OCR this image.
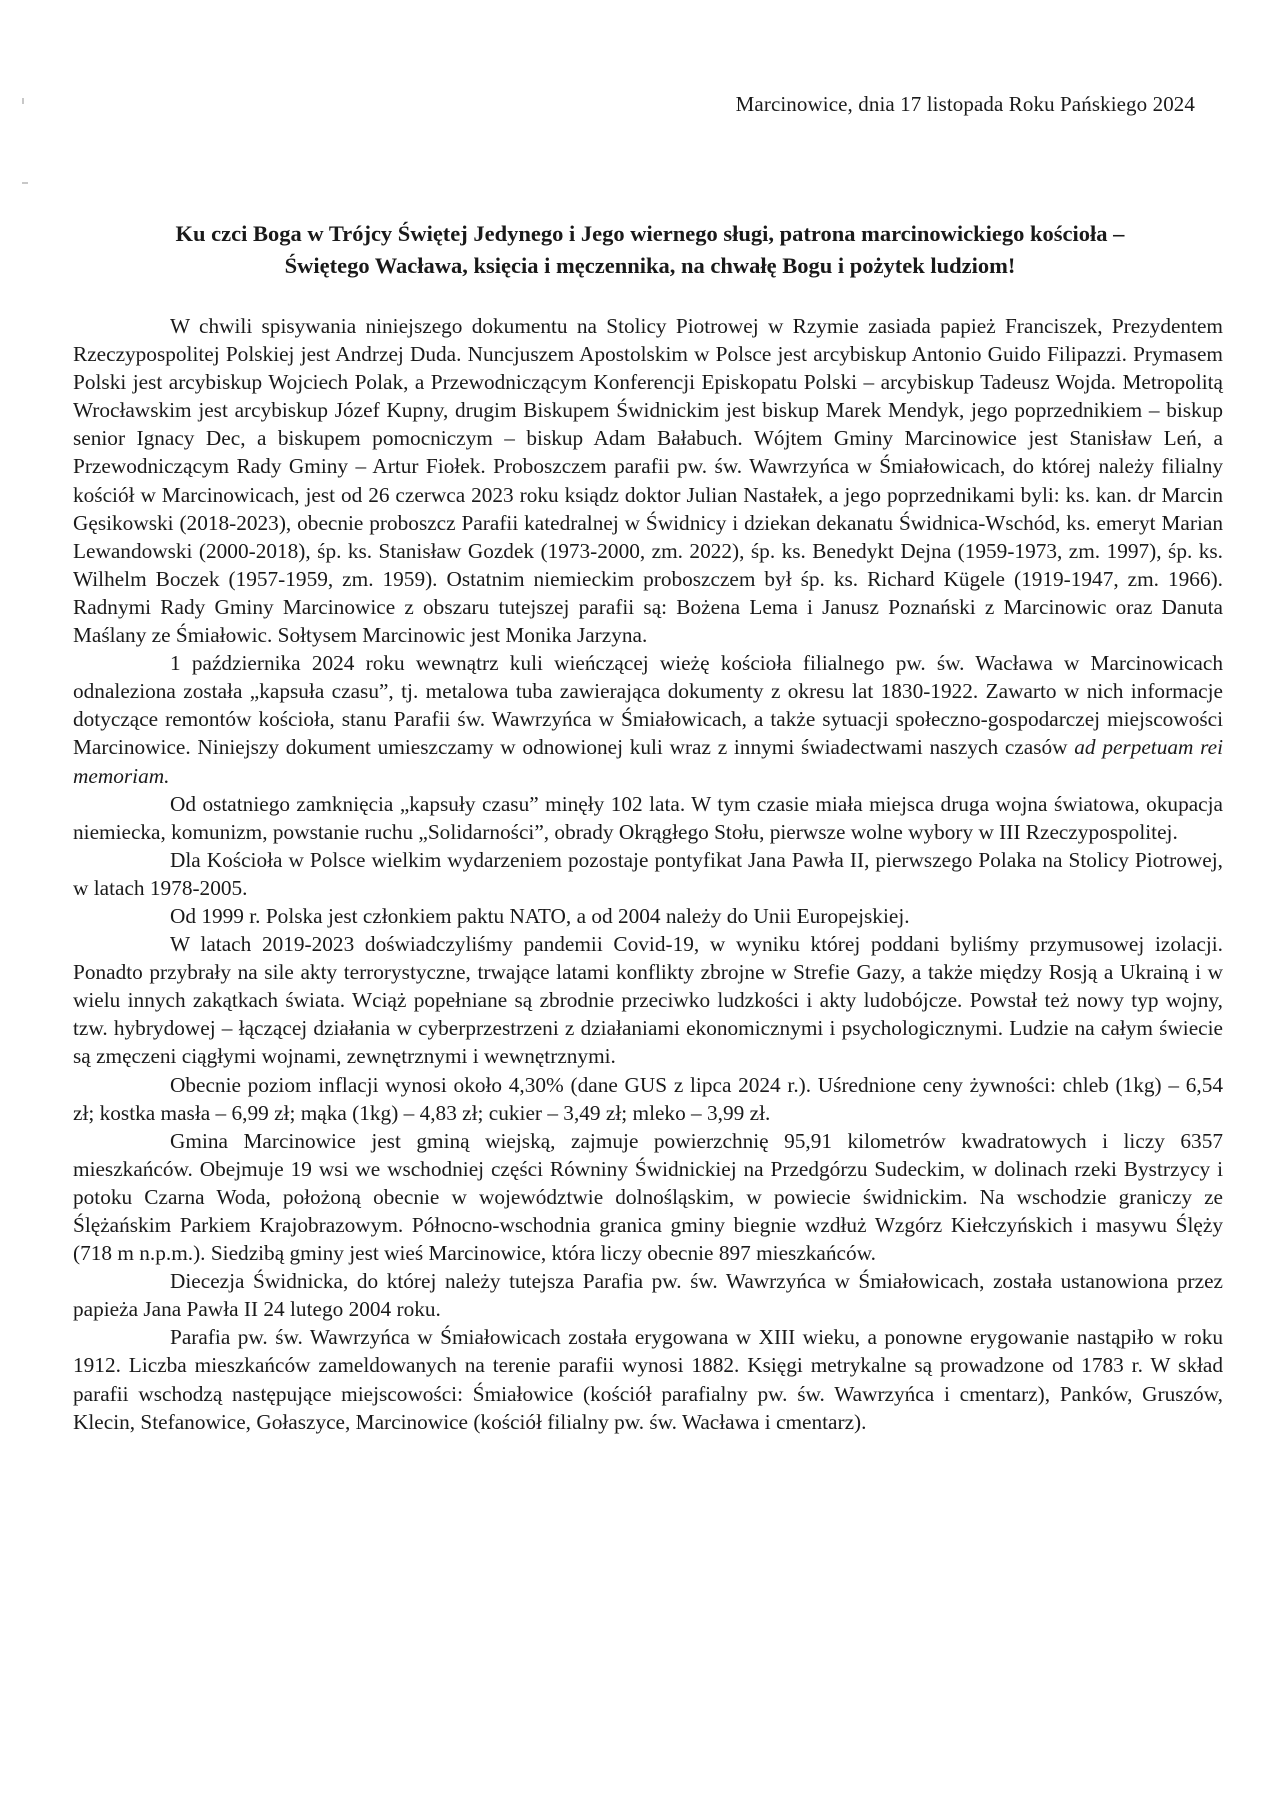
Marcinowice, dnia 17 listopada Roku Pańskiego 2024
Ku czci Boga w Trójcy Świętej Jedynego i Jego wiernego sługi, patrona marcinowickiego kościoła –
Świętego Wacława, księcia i męczennika, na chwałę Bogu i pożytek ludziom!

W chwili spisywania niniejszego dokumentu na Stolicy Piotrowej w Rzymie zasiada papież Franciszek, Prezydentem Rzeczypospolitej Polskiej jest Andrzej Duda. Nuncjuszem Apostolskim w Polsce jest arcybiskup Antonio Guido Filipazzi. Prymasem Polski jest arcybiskup Wojciech Polak, a Przewodniczącym Konferencji Episkopatu Polski – arcybiskup Tadeusz Wojda. Metropolitą Wrocławskim jest arcybiskup Józef Kupny, drugim Biskupem Świdnickim jest biskup Marek Mendyk, jego poprzednikiem – biskup senior Ignacy Dec, a biskupem pomocniczym – biskup Adam Bałabuch. Wójtem Gminy Marcinowice jest Stanisław Leń, a Przewodniczącym Rady Gminy – Artur Fiołek. Proboszczem parafii pw. św. Wawrzyńca w Śmiałowicach, do której należy filialny kościół w Marcinowicach, jest od 26 czerwca 2023 roku ksiądz doktor Julian Nastałek, a jego poprzednikami byli: ks. kan. dr Marcin Gęsikowski (2018-2023), obecnie proboszcz Parafii katedralnej w Świdnicy i dziekan dekanatu Świdnica-Wschód, ks. emeryt Marian Lewandowski (2000-2018), śp. ks. Stanisław Gozdek (1973-2000, zm. 2022), śp. ks. Benedykt Dejna (1959-1973, zm. 1997), śp. ks. Wilhelm Boczek (1957-1959, zm. 1959). Ostatnim niemieckim proboszczem był śp. ks. Richard Kügele (1919-1947, zm. 1966). Radnymi Rady Gminy Marcinowice z obszaru tutejszej parafii są: Bożena Lema i Janusz Poznański z Marcinowic oraz Danuta Maślany ze Śmiałowic. Sołtysem Marcinowic jest Monika Jarzyna.

1 października 2024 roku wewnątrz kuli wieńczącej wieżę kościoła filialnego pw. św. Wacława w Marcinowicach odnaleziona została „kapsuła czasu”, tj. metalowa tuba zawierająca dokumenty z okresu lat 1830-1922. Zawarto w nich informacje dotyczące remontów kościoła, stanu Parafii św. Wawrzyńca w Śmiałowicach, a także sytuacji społeczno-gospodarczej miejscowości Marcinowice. Niniejszy dokument umieszczamy w odnowionej kuli wraz z innymi świadectwami naszych czasów ad perpetuam rei memoriam.

Od ostatniego zamknięcia „kapsuły czasu” minęły 102 lata. W tym czasie miała miejsca druga wojna światowa, okupacja niemiecka, komunizm, powstanie ruchu „Solidarności”, obrady Okrągłego Stołu, pierwsze wolne wybory w III Rzeczypospolitej.

Dla Kościoła w Polsce wielkim wydarzeniem pozostaje pontyfikat Jana Pawła II, pierwszego Polaka na Stolicy Piotrowej, w latach 1978-2005.

Od 1999 r. Polska jest członkiem paktu NATO, a od 2004 należy do Unii Europejskiej.

W latach 2019-2023 doświadczyliśmy pandemii Covid-19, w wyniku której poddani byliśmy przymusowej izolacji. Ponadto przybrały na sile akty terrorystyczne, trwające latami konflikty zbrojne w Strefie Gazy, a także między Rosją a Ukrainą i w wielu innych zakątkach świata. Wciąż popełniane są zbrodnie przeciwko ludzkości i akty ludobójcze. Powstał też nowy typ wojny, tzw. hybrydowej – łączącej działania w cyberprzestrzeni z działaniami ekonomicznymi i psychologicznymi. Ludzie na całym świecie są zmęczeni ciągłymi wojnami, zewnętrznymi i wewnętrznymi.

Obecnie poziom inflacji wynosi około 4,30% (dane GUS z lipca 2024 r.). Uśrednione ceny żywności: chleb (1kg) – 6,54 zł; kostka masła – 6,99 zł; mąka (1kg) – 4,83 zł; cukier – 3,49 zł; mleko – 3,99 zł.

Gmina Marcinowice jest gminą wiejską, zajmuje powierzchnię 95,91 kilometrów kwadratowych i liczy 6357 mieszkańców. Obejmuje 19 wsi we wschodniej części Równiny Świdnickiej na Przedgórzu Sudeckim, w dolinach rzeki Bystrzycy i potoku Czarna Woda, położoną obecnie w województwie dolnośląskim, w powiecie świdnickim. Na wschodzie graniczy ze Ślężańskim Parkiem Krajobrazowym. Północno-wschodnia granica gminy biegnie wzdłuż Wzgórz Kiełczyńskich i masywu Ślęży (718 m n.p.m.). Siedzibą gminy jest wieś Marcinowice, która liczy obecnie 897 mieszkańców.

Diecezja Świdnicka, do której należy tutejsza Parafia pw. św. Wawrzyńca w Śmiałowicach, została ustanowiona przez papieża Jana Pawła II 24 lutego 2004 roku.

Parafia pw. św. Wawrzyńca w Śmiałowicach została erygowana w XIII wieku, a ponowne erygowanie nastąpiło w roku 1912. Liczba mieszkańców zameldowanych na terenie parafii wynosi 1882. Księgi metrykalne są prowadzone od 1783 r. W skład parafii wschodzą następujące miejscowości: Śmiałowice (kościół parafialny pw. św. Wawrzyńca i cmentarz), Panków, Gruszów, Klecin, Stefanowice, Gołaszyce, Marcinowice (kościół filialny pw. św. Wacława i cmentarz).
